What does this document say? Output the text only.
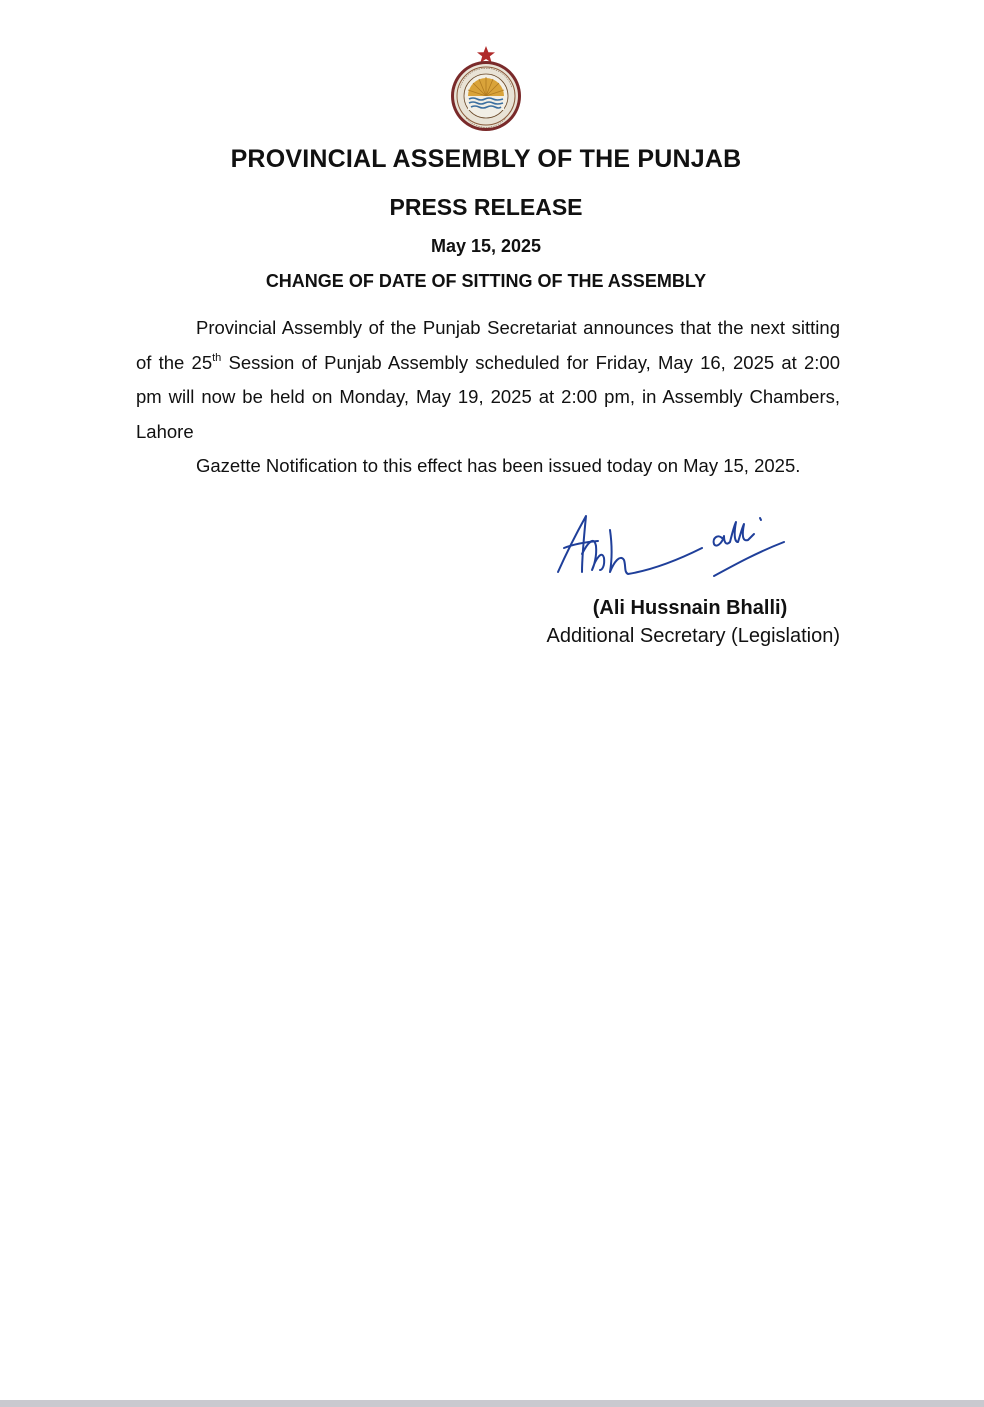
PROVINCIAL ASSEMBLY OF THE PUNJAB
PRESS RELEASE
May 15, 2025
CHANGE OF DATE OF SITTING OF THE ASSEMBLY

Provincial Assembly of the Punjab Secretariat announces that the next sitting of the 25th Session of Punjab Assembly scheduled for Friday, May 16, 2025 at 2:00 pm will now be held on Monday, May 19, 2025 at 2:00 pm, in Assembly Chambers, Lahore

Gazette Notification to this effect has been issued today on May 15, 2025.

(Ali Hussnain Bhalli)
Additional Secretary (Legislation)
